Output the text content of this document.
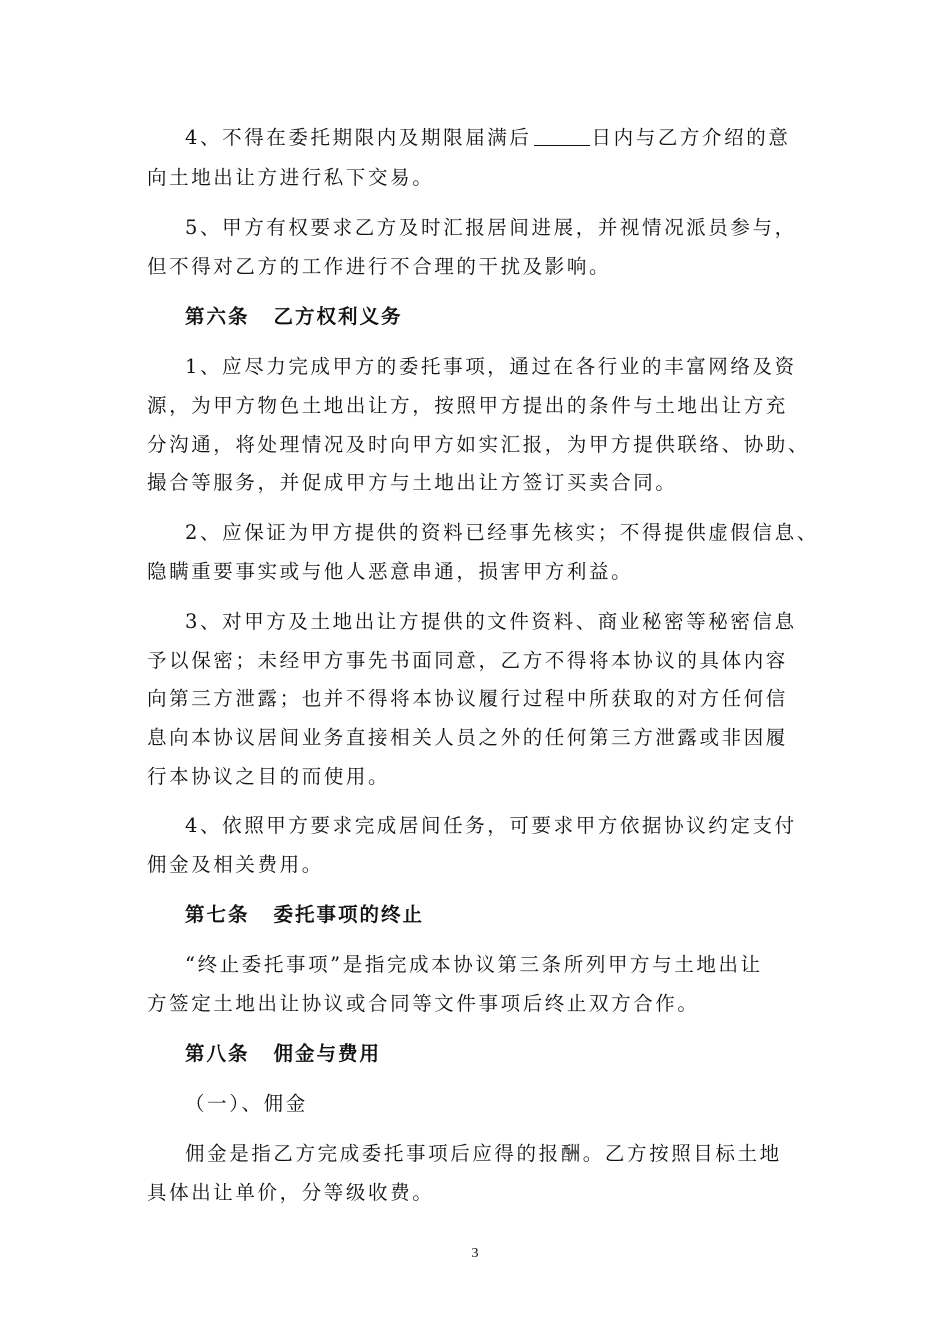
4、不得在委托期限内及期限届满后	日内与乙方介绍的意
向土地出让方进行私下交易。
5、甲方有权要求乙方及时汇报居间进展，并视情况派员参与，
但不得对乙方的工作进行不合理的干扰及影响。
第六条 乙方权利义务
1、应尽力完成甲方的委托事项，通过在各行业的丰富网络及资
源，为甲方物色土地出让方，按照甲方提出的条件与土地出让方充
分沟通，将处理情况及时向甲方如实汇报，为甲方提供联络、协助、
撮合等服务，并促成甲方与土地出让方签订买卖合同。
2、应保证为甲方提供的资料已经事先核实；不得提供虚假信息、
隐瞒重要事实或与他人恶意串通，损害甲方利益。
3、对甲方及土地出让方提供的文件资料、商业秘密等秘密信息
予以保密；未经甲方事先书面同意，乙方不得将本协议的具体内容
向第三方泄露；也并不得将本协议履行过程中所获取的对方任何信
息向本协议居间业务直接相关人员之外的任何第三方泄露或非因履
行本协议之目的而使用。
4、依照甲方要求完成居间任务，可要求甲方依据协议约定支付
佣金及相关费用。
第七条 委托事项的终止
“终止委托事项”是指完成本协议第三条所列甲方与土地出让
方签定土地出让协议或合同等文件事项后终止双方合作。
第八条 佣金与费用
（一）、佣金
佣金是指乙方完成委托事项后应得的报酬。乙方按照目标土地
具体出让单价，分等级收费。
3
